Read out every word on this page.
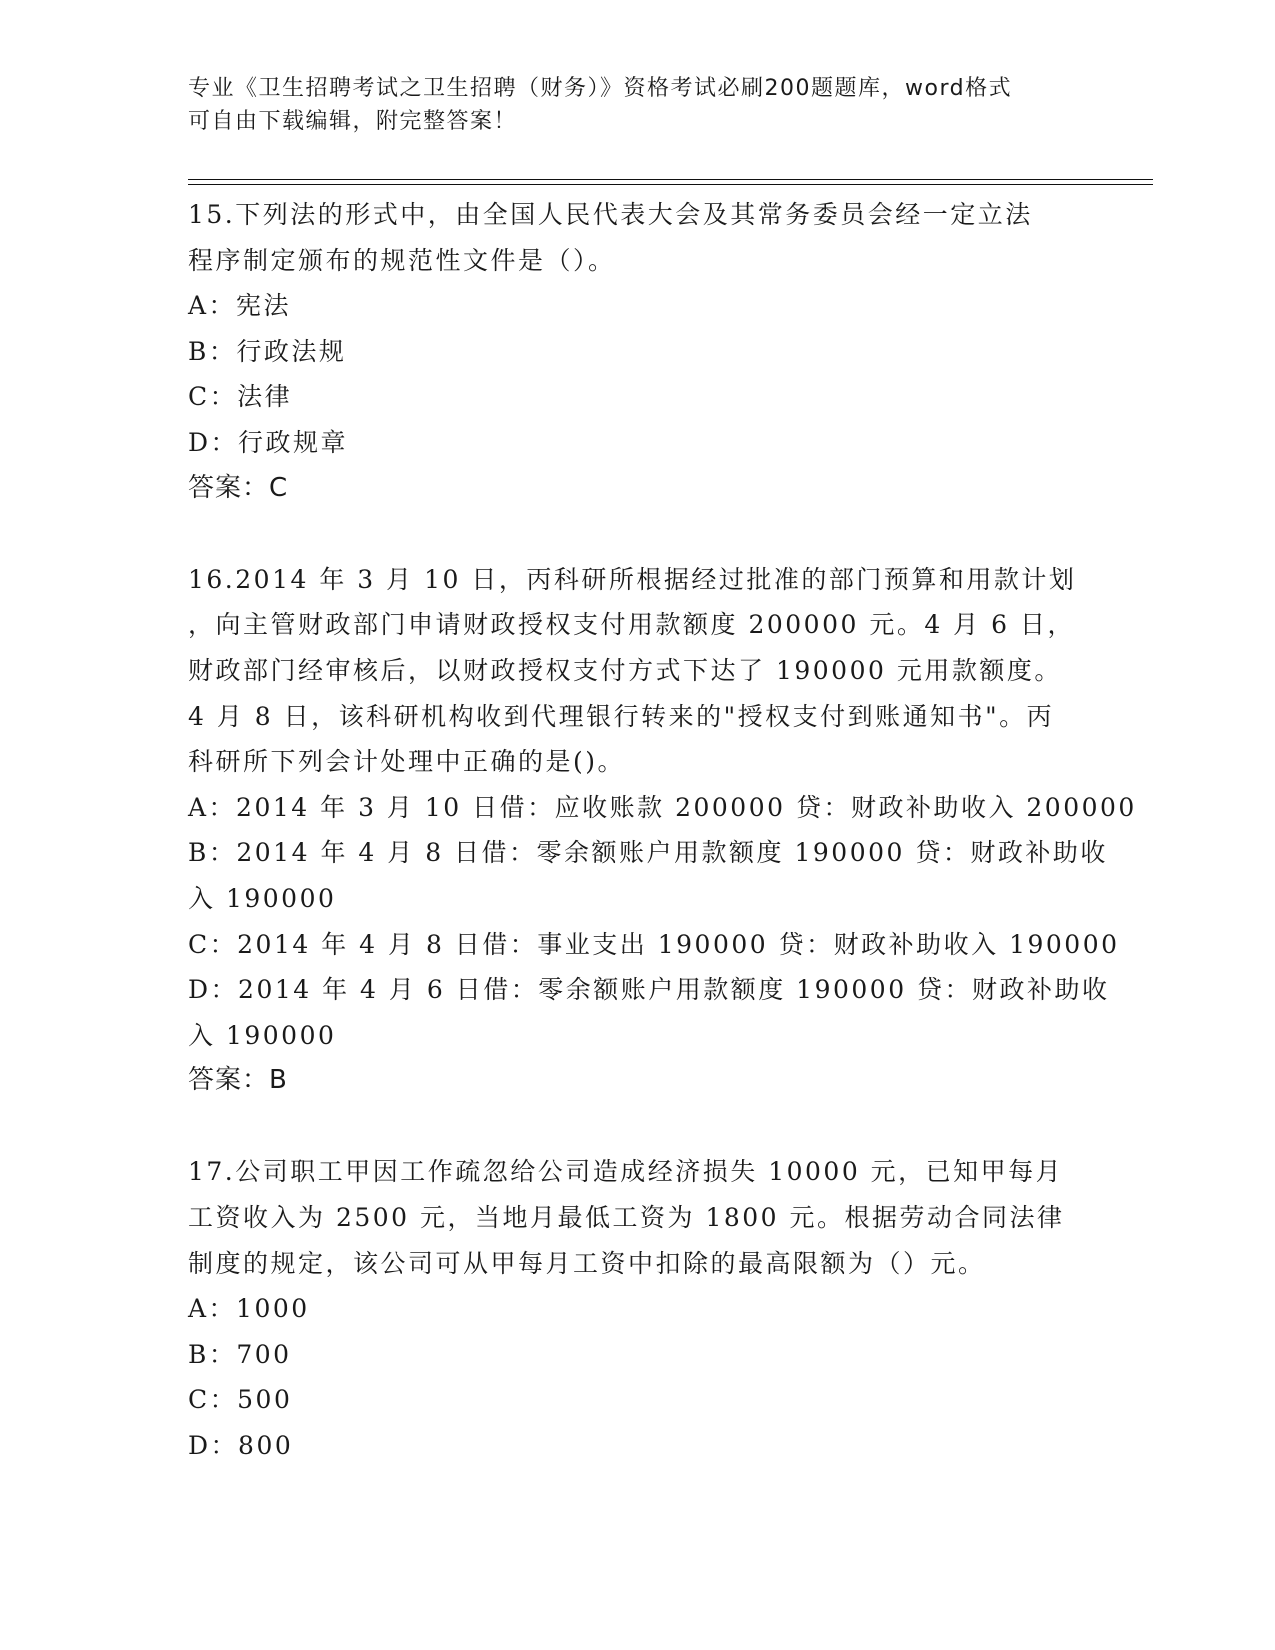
专业《卫生招聘考试之卫生招聘（财务）》资格考试必刷200题题库，word格式
可自由下载编辑，附完整答案！
15.下列法的形式中，由全国人民代表大会及其常务委员会经一定立法
程序制定颁布的规范性文件是（）。
A：宪法
B：行政法规
C：法律
D：行政规章
答案：C
16.2014 年 3 月 10 日，丙科研所根据经过批准的部门预算和用款计划
，向主管财政部门申请财政授权支付用款额度 200000 元。4 月 6 日，
财政部门经审核后，以财政授权支付方式下达了 190000 元用款额度。
4 月 8 日，该科研机构收到代理银行转来的"授权支付到账通知书"。丙
科研所下列会计处理中正确的是()。
A：2014 年 3 月 10 日借：应收账款 200000 贷：财政补助收入 200000
B：2014 年 4 月 8 日借：零余额账户用款额度 190000 贷：财政补助收
入 190000
C：2014 年 4 月 8 日借：事业支出 190000 贷：财政补助收入 190000
D：2014 年 4 月 6 日借：零余额账户用款额度 190000 贷：财政补助收
入 190000
答案：B
17.公司职工甲因工作疏忽给公司造成经济损失 10000 元，已知甲每月
工资收入为 2500 元，当地月最低工资为 1800 元。根据劳动合同法律
制度的规定，该公司可从甲每月工资中扣除的最高限额为（）元。
A：1000
B：700
C：500
D：800
